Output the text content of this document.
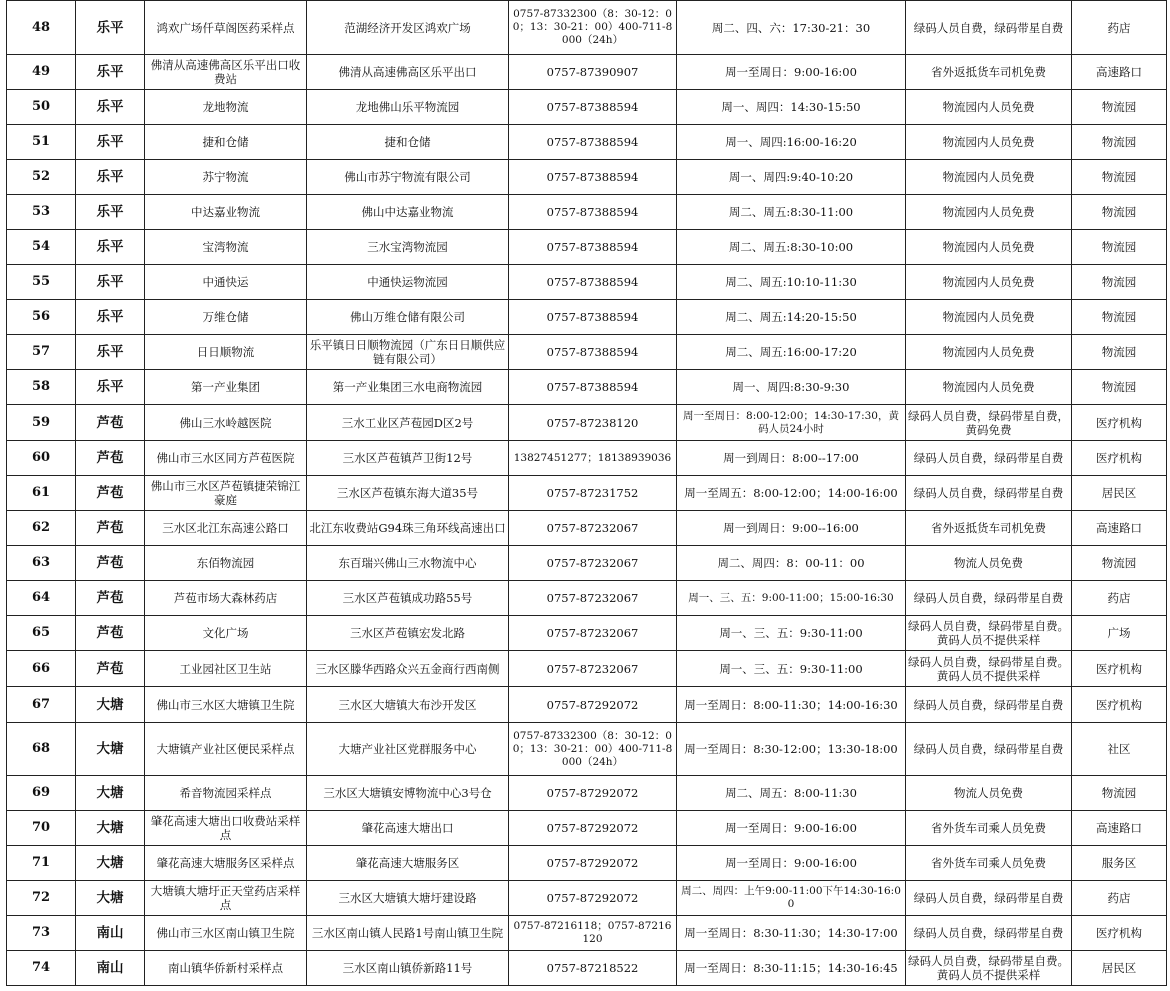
48	乐平	鸿欢广场仟草阁医药采样点	范湖经济开发区鸿欢广场	0757-87332300（8：30-12：00；13：30-21：00）400-711-8000（24h）	周二、四、六：17:30-21：30	绿码人员自费，绿码带星自费	药店
49	乐平	佛清从高速佛高区乐平出口收费站	佛清从高速佛高区乐平出口	0757-87390907	周一至周日：9:00-16:00	省外返抵货车司机免费	高速路口
50	乐平	龙地物流	龙地佛山乐平物流园	0757-87388594	周一、周四：14:30-15:50	物流园内人员免费	物流园
51	乐平	捷和仓储	捷和仓储	0757-87388594	周一、周四:16:00-16:20	物流园内人员免费	物流园
52	乐平	苏宁物流	佛山市苏宁物流有限公司	0757-87388594	周一、周四:9:40-10:20	物流园内人员免费	物流园
53	乐平	中达嘉业物流	佛山中达嘉业物流	0757-87388594	周二、周五:8:30-11:00	物流园内人员免费	物流园
54	乐平	宝湾物流	三水宝湾物流园	0757-87388594	周二、周五:8:30-10:00	物流园内人员免费	物流园
55	乐平	中通快运	中通快运物流园	0757-87388594	周二、周五:10:10-11:30	物流园内人员免费	物流园
56	乐平	万维仓储	佛山万维仓储有限公司	0757-87388594	周二、周五:14:20-15:50	物流园内人员免费	物流园
57	乐平	日日顺物流	乐平镇日日顺物流园（广东日日顺供应链有限公司）	0757-87388594	周二、周五:16:00-17:20	物流园内人员免费	物流园
58	乐平	第一产业集团	第一产业集团三水电商物流园	0757-87388594	周一、周四:8:30-9:30	物流园内人员免费	物流园
59	芦苞	佛山三水岭越医院	三水工业区芦苞园D区2号	0757-87238120	周一至周日：8:00-12:00；14:30-17:30，黄码人员24小时	绿码人员自费，绿码带星自费，黄码免费	医疗机构
60	芦苞	佛山市三水区同方芦苞医院	三水区芦苞镇芦卫街12号	13827451277；18138939036	周一到周日：8:00--17:00	绿码人员自费，绿码带星自费	医疗机构
61	芦苞	佛山市三水区芦苞镇捷荣锦江豪庭	三水区芦苞镇东海大道35号	0757-87231752	周一至周五：8:00-12:00；14:00-16:00	绿码人员自费，绿码带星自费	居民区
62	芦苞	三水区北江东高速公路口	北江东收费站G94珠三角环线高速出口	0757-87232067	周一到周日：9:00--16:00	省外返抵货车司机免费	高速路口
63	芦苞	东佰物流园	东百瑞兴佛山三水物流中心	0757-87232067	周二、周四：8：00-11：00	物流人员免费	物流园
64	芦苞	芦苞市场大森林药店	三水区芦苞镇成功路55号	0757-87232067	周一、三、五：9:00-11:00；15:00-16:30	绿码人员自费，绿码带星自费	药店
65	芦苞	文化广场	三水区芦苞镇宏发北路	0757-87232067	周一、三、五：9:30-11:00	绿码人员自费，绿码带星自费。黄码人员不提供采样	广场
66	芦苞	工业园社区卫生站	三水区滕华西路众兴五金商行西南侧	0757-87232067	周一、三、五：9:30-11:00	绿码人员自费，绿码带星自费。黄码人员不提供采样	医疗机构
67	大塘	佛山市三水区大塘镇卫生院	三水区大塘镇大布沙开发区	0757-87292072	周一至周日：8:00-11:30；14:00-16:30	绿码人员自费，绿码带星自费	医疗机构
68	大塘	大塘镇产业社区便民采样点	大塘产业社区党群服务中心	0757-87332300（8：30-12：00；13：30-21：00）400-711-8000（24h）	周一至周日：8:30-12:00；13:30-18:00	绿码人员自费，绿码带星自费	社区
69	大塘	希音物流园采样点	三水区大塘镇安博物流中心3号仓	0757-87292072	周二、周五：8:00-11:30	物流人员免费	物流园
70	大塘	肇花高速大塘出口收费站采样点	肇花高速大塘出口	0757-87292072	周一至周日：9:00-16:00	省外货车司乘人员免费	高速路口
71	大塘	肇花高速大塘服务区采样点	肇花高速大塘服务区	0757-87292072	周一至周日：9:00-16:00	省外货车司乘人员免费	服务区
72	大塘	大塘镇大塘圩正天堂药店采样点	三水区大塘镇大塘圩建设路	0757-87292072	周二、周四：上午9:00-11:00下午14:30-16:00	绿码人员自费，绿码带星自费	药店
73	南山	佛山市三水区南山镇卫生院	三水区南山镇人民路1号南山镇卫生院	0757-87216118；0757-87216120	周一至周日：8:30-11:30；14:30-17:00	绿码人员自费，绿码带星自费	医疗机构
74	南山	南山镇华侨新村采样点	三水区南山镇侨新路11号	0757-87218522	周一至周日：8:30-11:15；14:30-16:45	绿码人员自费，绿码带星自费。黄码人员不提供采样	居民区
